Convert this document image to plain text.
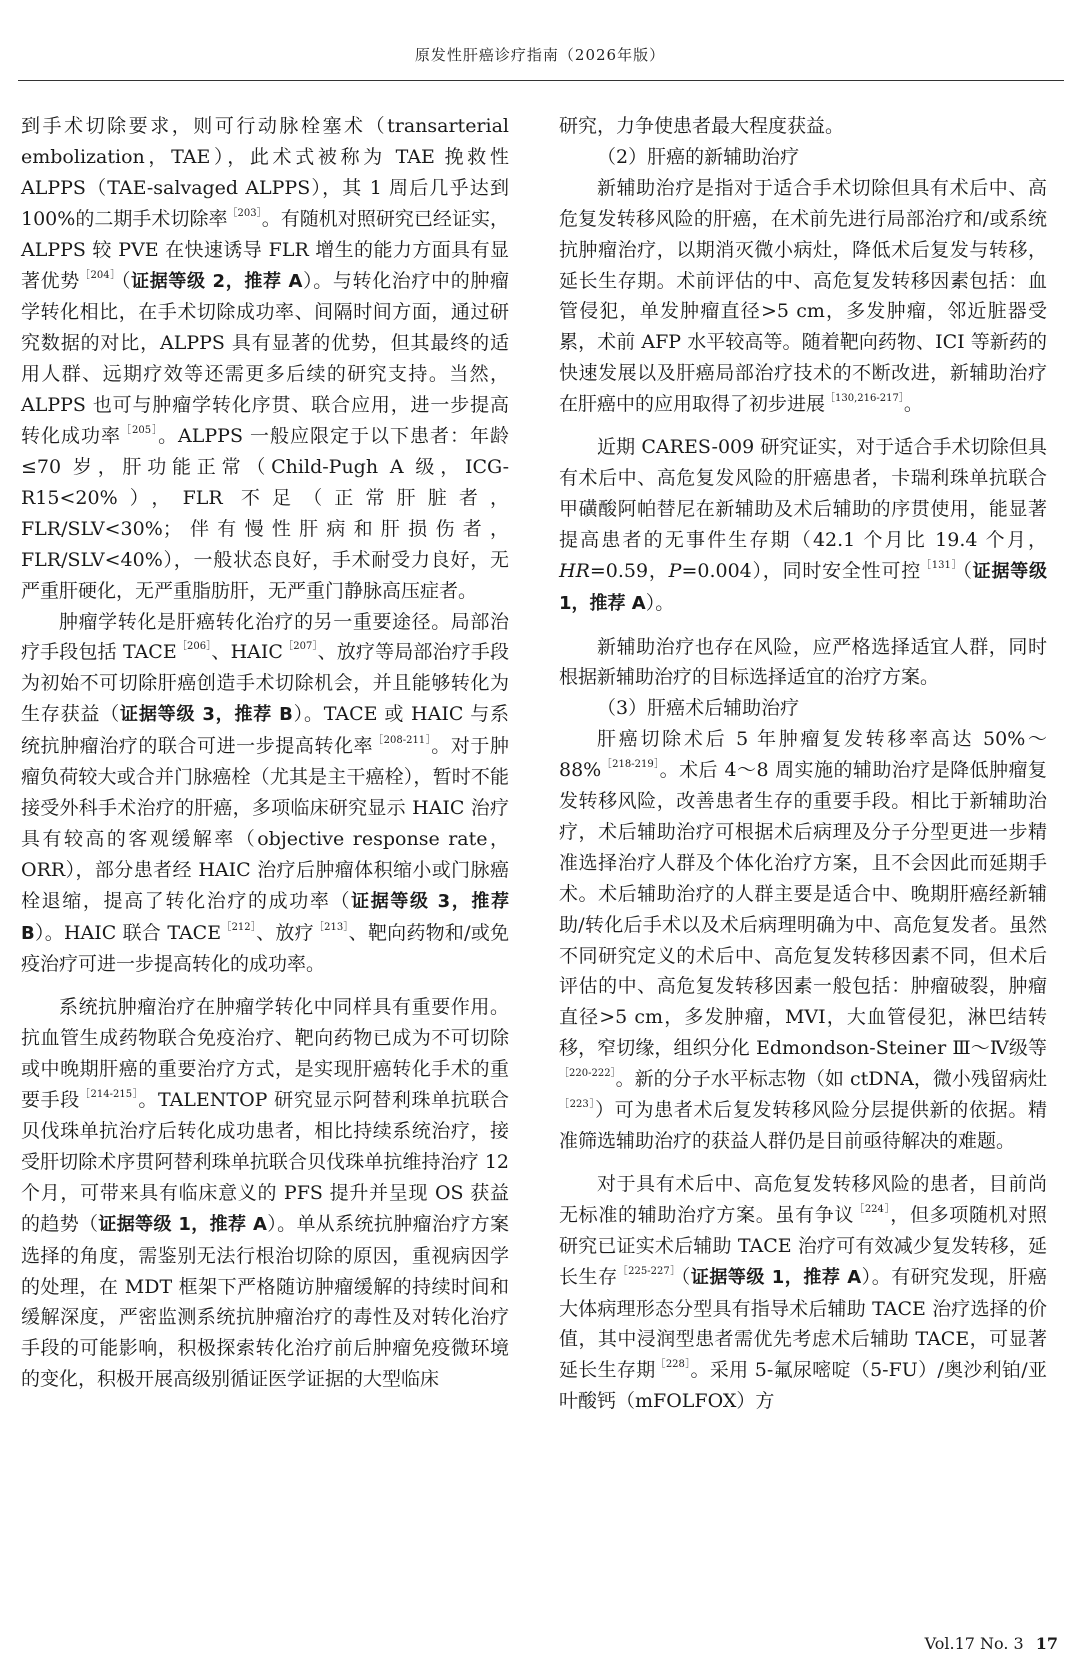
原发性肝癌诊疗指南（2026年版）

到手术切除要求，则可行动脉栓塞术（transarterial embolization，TAE），此术式被称为 TAE 挽救性 ALPPS（TAE-salvaged ALPPS），其 1 周后几乎达到 100%的二期手术切除率$^{[203]}$。有随机对照研究已经证实，ALPPS 较 PVE 在快速诱导 FLR 增生的能力方面具有显著优势$^{[204]}$（证据等级 2，推荐 A）。与转化治疗中的肿瘤学转化相比，在手术切除成功率、间隔时间方面，通过研究数据的对比，ALPPS 具有显著的优势，但其最终的适用人群、远期疗效等还需更多后续的研究支持。当然，ALPPS 也可与肿瘤学转化序贯、联合应用，进一步提高转化成功率$^{[205]}$。ALPPS 一般应限定于以下患者：年龄≤70 岁，肝功能正常（Child-Pugh A 级，ICG-R15<20%），FLR 不足（正常肝脏者，FLR/SLV<30%；伴有慢性肝病和肝损伤者，FLR/SLV<40%），一般状态良好，手术耐受力良好，无严重肝硬化，无严重脂肪肝，无严重门静脉高压症者。

肿瘤学转化是肝癌转化治疗的另一重要途径。局部治疗手段包括 $TACE^{[206]}$、$HAIC^{[207]}$、放疗等局部治疗手段为初始不可切除肝癌创造手术切除机会，并且能够转化为生存获益（证据等级 3，推荐 B）。TACE 或 HAIC 与系统抗肿瘤治疗的联合可进一步提高转化率$^{[208-211]}$。对于肿瘤负荷较大或合并门脉癌栓（尤其是主干癌栓），暂时不能接受外科手术治疗的肝癌，多项临床研究显示 HAIC 治疗具有较高的客观缓解率（objective response rate，ORR），部分患者经 HAIC 治疗后肿瘤体积缩小或门脉癌栓退缩，提高了转化治疗的成功率（证据等级 3，推荐 B）。HAIC 联合 $TACE^{[212]}$、放疗$^{[213]}$、靶向药物和/或免疫治疗可进一步提高转化的成功率。

系统抗肿瘤治疗在肿瘤学转化中同样具有重要作用。抗血管生成药物联合免疫治疗、靶向药物已成为不可切除或中晚期肝癌的重要治疗方式，是实现肝癌转化手术的重要手段$^{[214-215]}$。TALENTOP 研究显示阿替利珠单抗联合贝伐珠单抗治疗后转化成功患者，相比持续系统治疗，接受肝切除术序贯阿替利珠单抗联合贝伐珠单抗维持治疗 12 个月，可带来具有临床意义的 PFS 提升并呈现 OS 获益的趋势（证据等级 1，推荐 A）。单从系统抗肿瘤治疗方案选择的角度，需鉴别无法行根治切除的原因，重视病因学的处理，在 MDT 框架下严格随访肿瘤缓解的持续时间和缓解深度，严密监测系统抗肿瘤治疗的毒性及对转化治疗手段的可能影响，积极探索转化治疗前后肿瘤免疫微环境的变化，积极开展高级别循证医学证据的大型临床

研究，力争使患者最大程度获益。

（2）肝癌的新辅助治疗

新辅助治疗是指对于适合手术切除但具有术后中、高危复发转移风险的肝癌，在术前先进行局部治疗和/或系统抗肿瘤治疗，以期消灭微小病灶，降低术后复发与转移，延长生存期。术前评估的中、高危复发转移因素包括：血管侵犯，单发肿瘤直径>5 cm，多发肿瘤，邻近脏器受累，术前 AFP 水平较高等。随着靶向药物、ICI 等新药的快速发展以及肝癌局部治疗技术的不断改进，新辅助治疗在肝癌中的应用取得了初步进展$^{[130,216-217]}$。

近期 CARES-009 研究证实，对于适合手术切除但具有术后中、高危复发风险的肝癌患者，卡瑞利珠单抗联合甲磺酸阿帕替尼在新辅助及术后辅助的序贯使用，能显著提高患者的无事件生存期（42.1 个月比 19.4 个月，HR=0.59，P=0.004），同时安全性可控$^{[131]}$（证据等级 1，推荐 A）。

新辅助治疗也存在风险，应严格选择适宜人群，同时根据新辅助治疗的目标选择适宜的治疗方案。

（3）肝癌术后辅助治疗

肝癌切除术后 5 年肿瘤复发转移率高达 50%～88%$^{[218-219]}$。术后 4～8 周实施的辅助治疗是降低肿瘤复发转移风险，改善患者生存的重要手段。相比于新辅助治疗，术后辅助治疗可根据术后病理及分子分型更进一步精准选择治疗人群及个体化治疗方案，且不会因此而延期手术。术后辅助治疗的人群主要是适合中、晚期肝癌经新辅助/转化后手术以及术后病理明确为中、高危复发者。虽然不同研究定义的术后中、高危复发转移因素不同，但术后评估的中、高危复发转移因素一般包括：肿瘤破裂，肿瘤直径>5 cm，多发肿瘤，MVI，大血管侵犯，淋巴结转移，窄切缘，组织分化 Edmondson-Steiner Ⅲ～Ⅳ级等$^{[220-222]}$。新的分子水平标志物（如 ctDNA，微小残留病灶$^{[223]}$）可为患者术后复发转移风险分层提供新的依据。精准筛选辅助治疗的获益人群仍是目前亟待解决的难题。

对于具有术后中、高危复发转移风险的患者，目前尚无标准的辅助治疗方案。虽有争议$^{[224]}$，但多项随机对照研究已证实术后辅助 TACE 治疗可有效减少复发转移，延长生存$^{[225-227]}$（证据等级 1，推荐 A）。有研究发现，肝癌大体病理形态分型具有指导术后辅助 TACE 治疗选择的价值，其中浸润型患者需优先考虑术后辅助 TACE，可显著延长生存期$^{[228]}$。采用 5-氟尿嘧啶（5-FU）/奥沙利铂/亚叶酸钙（mFOLFOX）方

Vol.17 No. 3 17
